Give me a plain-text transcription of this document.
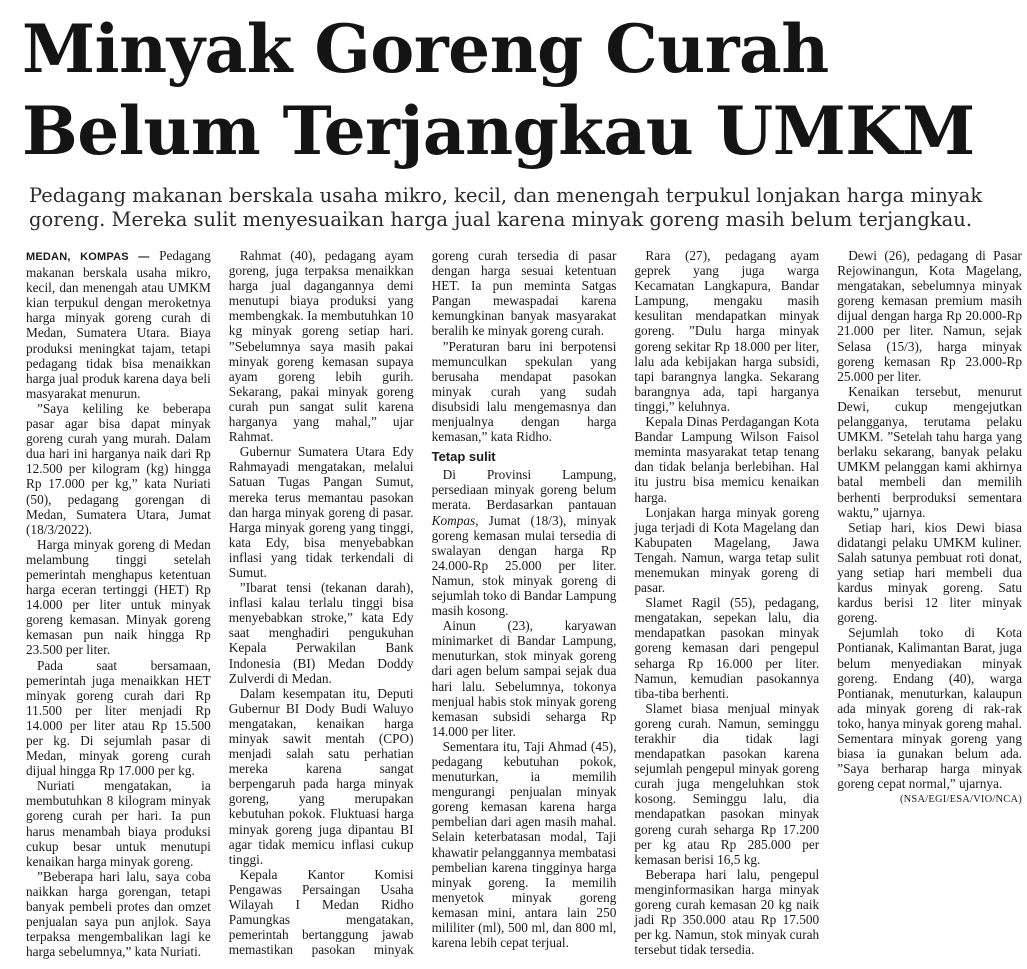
Minyak Goreng Curah
Belum Terjangkau UMKM
Pedagang makanan berskala usaha mikro, kecil, dan menengah terpukul lonjakan harga minyak
goreng. Mereka sulit menyesuaikan harga jual karena minyak goreng masih belum terjangkau.

MEDAN, KOMPAS — Pedagang makanan berskala usaha mikro, kecil, dan menengah atau UMKM kian terpukul dengan meroketnya harga minyak goreng curah di Medan, Sumatera Utara. Biaya produksi meningkat tajam, tetapi pedagang tidak bisa menaikkan harga jual produk karena daya beli masyarakat menurun.

”Saya keliling ke beberapa pasar agar bisa dapat minyak goreng curah yang murah. Dalam dua hari ini harganya naik dari Rp 12.500 per kilogram (kg) hingga Rp 17.000 per kg,” kata Nuriati (50), pedagang gorengan di Medan, Sumatera Utara, Jumat (18/3/2022).

Harga minyak goreng di Medan melambung tinggi setelah pemerintah menghapus ketentuan harga eceran tertinggi (HET) Rp 14.000 per liter untuk minyak goreng kemasan. Minyak goreng kemasan pun naik hingga Rp 23.500 per liter.

Pada saat bersamaan, pemerintah juga menaikkan HET minyak goreng curah dari Rp 11.500 per liter menjadi Rp 14.000 per liter atau Rp 15.500 per kg. Di sejumlah pasar di Medan, minyak goreng curah dijual hingga Rp 17.000 per kg.

Nuriati mengatakan, ia membutuhkan 8 kilogram minyak goreng curah per hari. Ia pun harus menambah biaya produksi cukup besar untuk menutupi kenaikan harga minyak goreng.

”Beberapa hari lalu, saya coba naikkan harga gorengan, tetapi banyak pembeli protes dan omzet penjualan saya pun anjlok. Saya terpaksa mengembalikan lagi ke harga sebelumnya,” kata Nuriati.

Rahmat (40), pedagang ayam goreng, juga terpaksa menaikkan harga jual dagangannya demi menutupi biaya produksi yang membengkak. Ia membutuhkan 10 kg minyak goreng setiap hari. ”Sebelumnya saya masih pakai minyak goreng kemasan supaya ayam goreng lebih gurih. Sekarang, pakai minyak goreng curah pun sangat sulit karena harganya yang mahal,” ujar Rahmat.

Gubernur Sumatera Utara Edy Rahmayadi mengatakan, melalui Satuan Tugas Pangan Sumut, mereka terus memantau pasokan dan harga minyak goreng di pasar. Harga minyak goreng yang tinggi, kata Edy, bisa menyebabkan inflasi yang tidak terkendali di Sumut.

”Ibarat tensi (tekanan darah), inflasi kalau terlalu tinggi bisa menyebabkan stroke,” kata Edy saat menghadiri pengukuhan Kepala Perwakilan Bank Indonesia (BI) Medan Doddy Zulverdi di Medan.

Dalam kesempatan itu, Deputi Gubernur BI Dody Budi Waluyo mengatakan, kenaikan harga minyak sawit mentah (CPO) menjadi salah satu perhatian mereka karena sangat berpengaruh pada harga minyak goreng, yang merupakan kebutuhan pokok. Fluktuasi harga minyak goreng juga dipantau BI agar tidak memicu inflasi cukup tinggi.

Kepala Kantor Komisi Pengawas Persaingan Usaha Wilayah I Medan Ridho Pamungkas mengatakan, pemerintah bertanggung jawab memastikan pasokan minyak goreng curah tersedia di pasar dengan harga sesuai ketentuan HET. Ia pun meminta Satgas Pangan mewaspadai karena kemungkinan banyak masyarakat beralih ke minyak goreng curah.

”Peraturan baru ini berpotensi memunculkan spekulan yang berusaha mendapat pasokan minyak curah yang sudah disubsidi lalu mengemasnya dan menjualnya dengan harga kemasan,” kata Ridho.

Tetap sulit

Di Provinsi Lampung, persediaan minyak goreng belum merata. Berdasarkan pantauan Kompas, Jumat (18/3), minyak goreng kemasan mulai tersedia di swalayan dengan harga Rp 24.000-Rp 25.000 per liter. Namun, stok minyak goreng di sejumlah toko di Bandar Lampung masih kosong.

Ainun (23), karyawan minimarket di Bandar Lampung, menuturkan, stok minyak goreng dari agen belum sampai sejak dua hari lalu. Sebelumnya, tokonya menjual habis stok minyak goreng kemasan subsidi seharga Rp 14.000 per liter.

Sementara itu, Taji Ahmad (45), pedagang kebutuhan pokok, menuturkan, ia memilih mengurangi penjualan minyak goreng kemasan karena harga pembelian dari agen masih mahal. Selain keterbatasan modal, Taji khawatir pelanggannya membatasi pembelian karena tingginya harga minyak goreng. Ia memilih menyetok minyak goreng kemasan mini, antara lain 250 mililiter (ml), 500 ml, dan 800 ml, karena lebih cepat terjual.

Rara (27), pedagang ayam geprek yang juga warga Kecamatan Langkapura, Bandar Lampung, mengaku masih kesulitan mendapatkan minyak goreng. ”Dulu harga minyak goreng sekitar Rp 18.000 per liter, lalu ada kebijakan harga subsidi, tapi barangnya langka. Sekarang barangnya ada, tapi harganya tinggi,” keluhnya.

Kepala Dinas Perdagangan Kota Bandar Lampung Wilson Faisol meminta masyarakat tetap tenang dan tidak belanja berlebihan. Hal itu justru bisa memicu kenaikan harga.

Lonjakan harga minyak goreng juga terjadi di Kota Magelang dan Kabupaten Magelang, Jawa Tengah. Namun, warga tetap sulit menemukan minyak goreng di pasar.

Slamet Ragil (55), pedagang, mengatakan, sepekan lalu, dia mendapatkan pasokan minyak goreng kemasan dari pengepul seharga Rp 16.000 per liter. Namun, kemudian pasokannya tiba-tiba berhenti.

Slamet biasa menjual minyak goreng curah. Namun, seminggu terakhir dia tidak lagi mendapatkan pasokan karena sejumlah pengepul minyak goreng curah juga mengeluhkan stok kosong. Seminggu lalu, dia mendapatkan pasokan minyak goreng curah seharga Rp 17.200 per kg atau Rp 285.000 per kemasan berisi 16,5 kg.

Beberapa hari lalu, pengepul menginformasikan harga minyak goreng curah kemasan 20 kg naik jadi Rp 350.000 atau Rp 17.500 per kg. Namun, stok minyak curah tersebut tidak tersedia.

Dewi (26), pedagang di Pasar Rejowinangun, Kota Magelang, mengatakan, sebelumnya minyak goreng kemasan premium masih dijual dengan harga Rp 20.000-Rp 21.000 per liter. Namun, sejak Selasa (15/3), harga minyak goreng kemasan Rp 23.000-Rp 25.000 per liter.

Kenaikan tersebut, menurut Dewi, cukup mengejutkan pelangganya, terutama pelaku UMKM. ”Setelah tahu harga yang berlaku sekarang, banyak pelaku UMKM pelanggan kami akhirnya batal membeli dan memilih berhenti berproduksi sementara waktu,” ujarnya.

Setiap hari, kios Dewi biasa didatangi pelaku UMKM kuliner. Salah satunya pembuat roti donat, yang setiap hari membeli dua kardus minyak goreng. Satu kardus berisi 12 liter minyak goreng.

Sejumlah toko di Kota Pontianak, Kalimantan Barat, juga belum menyediakan minyak goreng. Endang (40), warga Pontianak, menuturkan, kalaupun ada minyak goreng di rak-rak toko, hanya minyak goreng mahal. Sementara minyak goreng yang biasa ia gunakan belum ada. ”Saya berharap harga minyak goreng cepat normal,” ujarnya.

(NSA/EGI/ESA/VIO/NCA)
